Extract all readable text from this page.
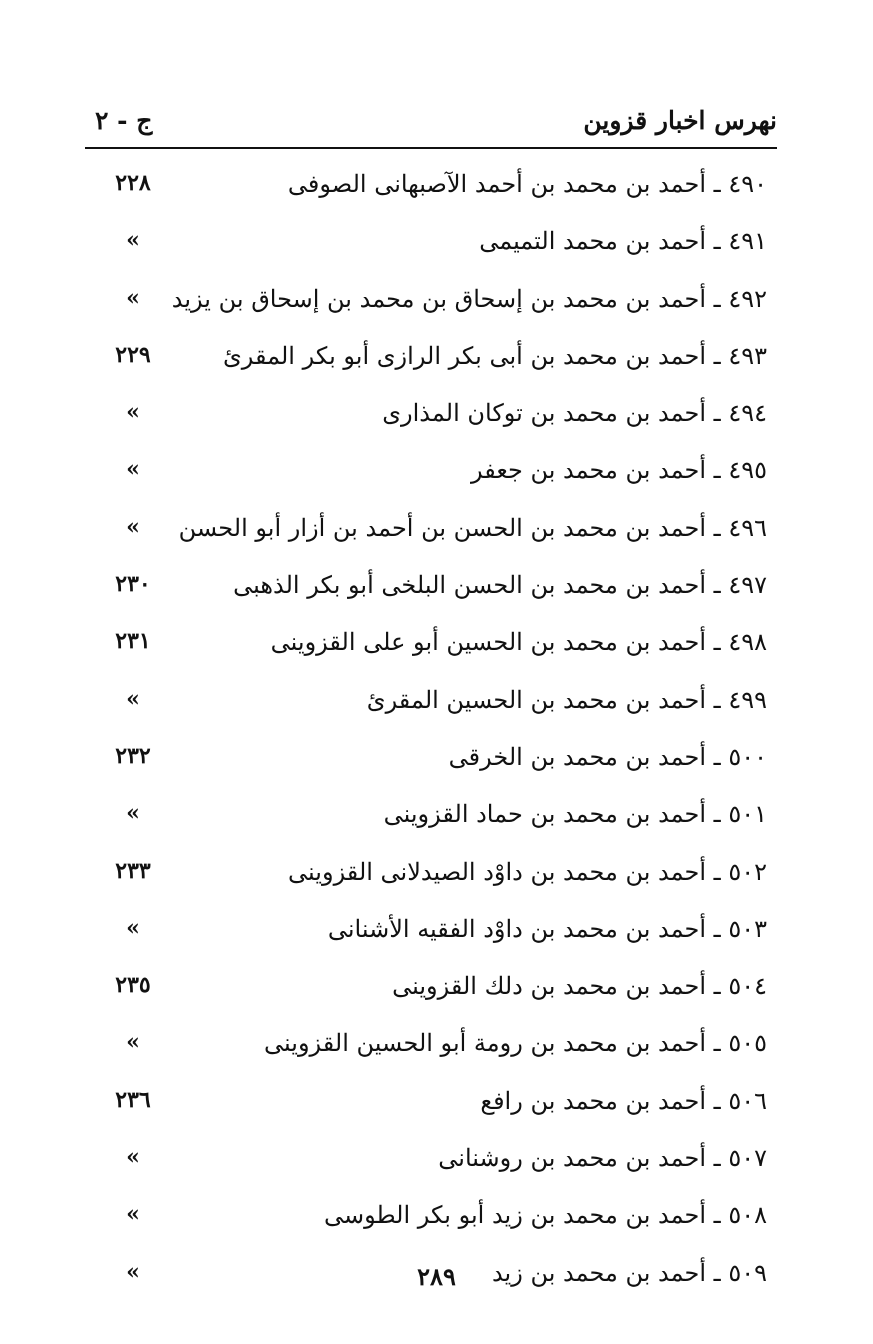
نهرس اخبار قزوين
ج - ٢
٤٩٠ ـ أحمد بن محمد بن أحمد الآصبهانى الصوفى
٢٢٨
٤٩١ ـ أحمد بن محمد التميمى
»
٤٩٢ ـ أحمد بن محمد بن إسحاق بن محمد بن إسحاق بن يزيد
»
٤٩٣ ـ أحمد بن محمد بن أبى بكر الرازى أبو بكر المقرئ
٢٢٩
٤٩٤ ـ أحمد بن محمد بن توكان المذارى
»
٤٩٥ ـ أحمد بن محمد بن جعفر
»
٤٩٦ ـ أحمد بن محمد بن الحسن بن أحمد بن أزار أبو الحسن
»
٤٩٧ ـ أحمد بن محمد بن الحسن البلخى أبو بكر الذهبى
٢٣٠
٤٩٨ ـ أحمد بن محمد بن الحسين أبو على القزوينى
٢٣١
٤٩٩ ـ أحمد بن محمد بن الحسين المقرئ
»
٥٠٠ ـ أحمد بن محمد بن الخرقى
٢٣٢
٥٠١ ـ أحمد بن محمد بن حماد القزوينى
»
٥٠٢ ـ أحمد بن محمد بن داوْد الصيدلانى القزوينى
٢٣٣
٥٠٣ ـ أحمد بن محمد بن داوْد الفقيه الأشنانى
»
٥٠٤ ـ أحمد بن محمد بن دلك القزوينى
٢٣٥
٥٠٥ ـ أحمد بن محمد بن رومة أبو الحسين القزوينى
»
٥٠٦ ـ أحمد بن محمد بن رافع
٢٣٦
٥٠٧ ـ أحمد بن محمد بن روشنانى
»
٥٠٨ ـ أحمد بن محمد بن زيد أبو بكر الطوسى
»
٥٠٩ ـ أحمد بن محمد بن زيد
»	٢٨٩
